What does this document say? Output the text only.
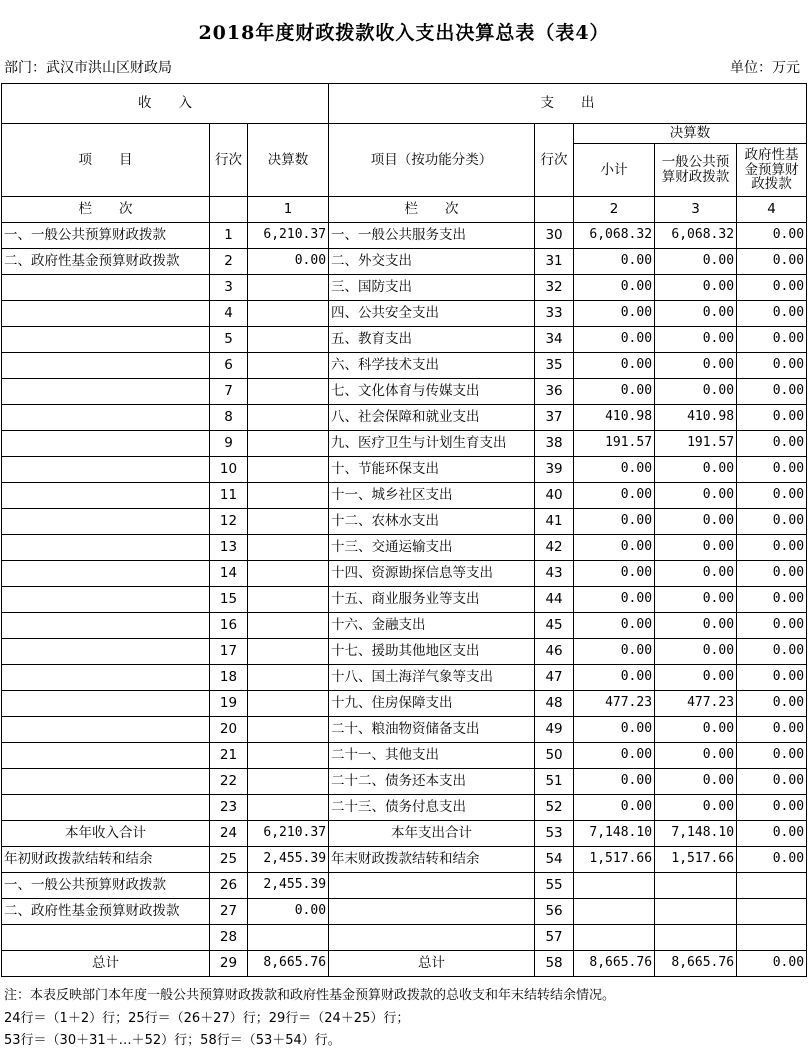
2018年度财政拨款收入支出决算总表（表4）
部门：武汉市洪山区财政局	单位：万元
收　　入			支　　出				
项　　目	行次	决算数	项目（按功能分类）	行次	决算数		
					小计	一般公共预算财政拨款	政府性基金预算财政拨款
栏　　次		1	栏　　次		2	3	4
一、一般公共预算财政拨款	1	6,210.37	一、一般公共服务支出	30	6,068.32	6,068.32	0.00
二、政府性基金预算财政拨款	2	0.00	二、外交支出	31	0.00	0.00	0.00
	3		三、国防支出	32	0.00	0.00	0.00
	4		四、公共安全支出	33	0.00	0.00	0.00
	5		五、教育支出	34	0.00	0.00	0.00
	6		六、科学技术支出	35	0.00	0.00	0.00
	7		七、文化体育与传媒支出	36	0.00	0.00	0.00
	8		八、社会保障和就业支出	37	410.98	410.98	0.00
	9		九、医疗卫生与计划生育支出	38	191.57	191.57	0.00
	10		十、节能环保支出	39	0.00	0.00	0.00
	11		十一、城乡社区支出	40	0.00	0.00	0.00
	12		十二、农林水支出	41	0.00	0.00	0.00
	13		十三、交通运输支出	42	0.00	0.00	0.00
	14		十四、资源勘探信息等支出	43	0.00	0.00	0.00
	15		十五、商业服务业等支出	44	0.00	0.00	0.00
	16		十六、金融支出	45	0.00	0.00	0.00
	17		十七、援助其他地区支出	46	0.00	0.00	0.00
	18		十八、国土海洋气象等支出	47	0.00	0.00	0.00
	19		十九、住房保障支出	48	477.23	477.23	0.00
	20		二十、粮油物资储备支出	49	0.00	0.00	0.00
	21		二十一、其他支出	50	0.00	0.00	0.00
	22		二十二、债务还本支出	51	0.00	0.00	0.00
	23		二十三、债务付息支出	52	0.00	0.00	0.00
本年收入合计	24	6,210.37	本年支出合计	53	7,148.10	7,148.10	0.00
年初财政拨款结转和结余	25	2,455.39	年末财政拨款结转和结余	54	1,517.66	1,517.66	0.00
一、一般公共预算财政拨款	26	2,455.39		55			
二、政府性基金预算财政拨款	27	0.00		56			
	28			57			
总计	29	8,665.76	总计	58	8,665.76	8,665.76	0.00
注：本表反映部门本年度一般公共预算财政拨款和政府性基金预算财政拨款的总收支和年末结转结余情况。
24行＝（1＋2）行；25行＝（26＋27）行；29行＝（24＋25）行；
53行＝（30＋31＋…＋52）行；58行＝（53＋54）行。
